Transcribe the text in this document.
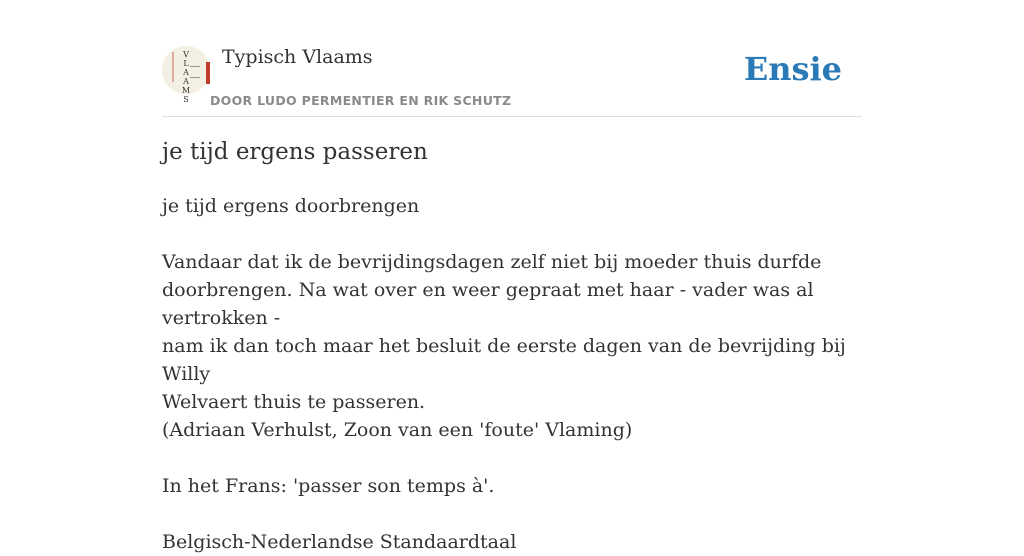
V
L
A
A
M
S
Typisch Vlaams
DOOR LUDO PERMENTIER EN RIK SCHUTZ
Ensie
je tijd ergens passeren

je tijd ergens doorbrengen

Vandaar dat ik de bevrijdingsdagen zelf niet bij moeder thuis durfde

doorbrengen. Na wat over en weer gepraat met haar - vader was al vertrokken -

nam ik dan toch maar het besluit de eerste dagen van de bevrijding bij Willy

Welvaert thuis te passeren.

(Adriaan Verhulst, Zoon van een 'foute' Vlaming)

In het Frans: 'passer son temps à'.

Belgisch-Nederlandse Standaardtaal
